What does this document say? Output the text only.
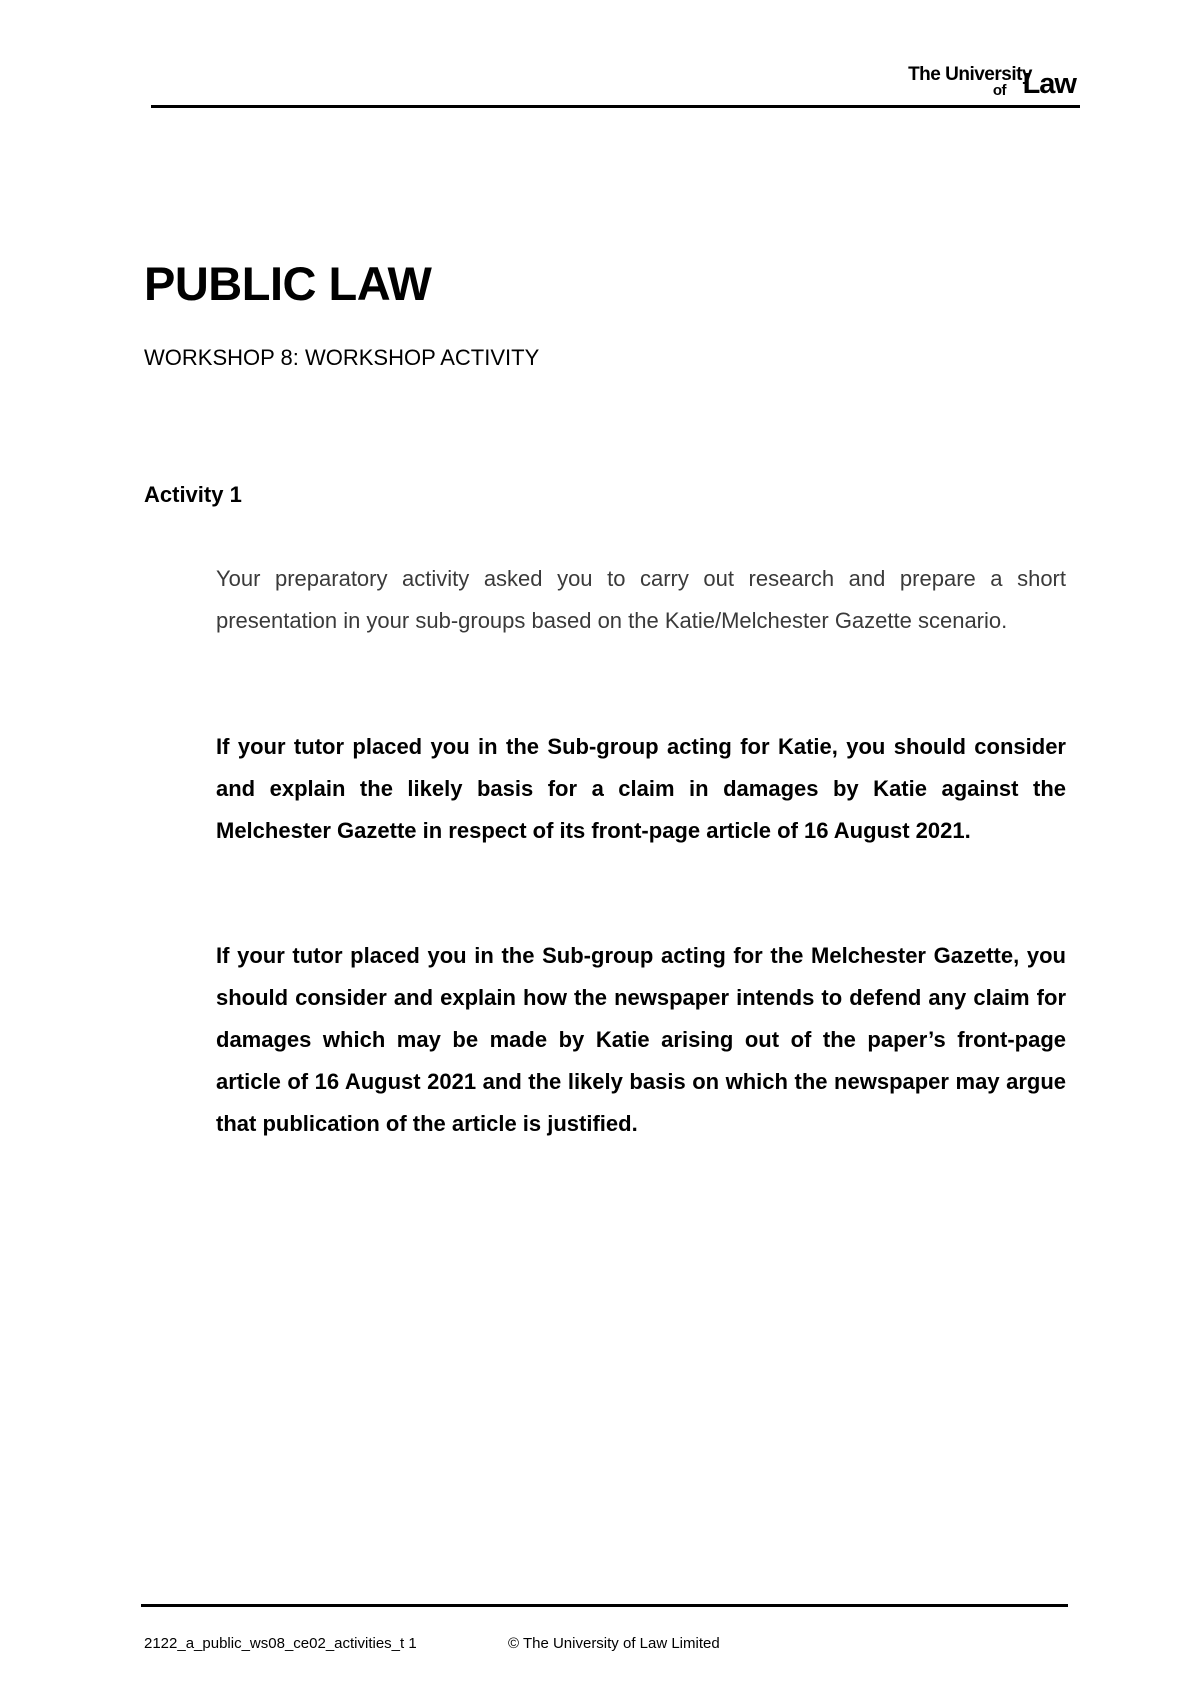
The University
of Law
PUBLIC LAW

WORKSHOP 8: WORKSHOP ACTIVITY

Activity 1

Your preparatory activity asked you to carry out research and prepare a short presentation in your sub-groups based on the Katie/Melchester Gazette scenario.

If your tutor placed you in the Sub-group acting for Katie, you should consider and explain the likely basis for a claim in damages by Katie against the Melchester Gazette in respect of its front-page article of 16 August 2021.

If your tutor placed you in the Sub-group acting for the Melchester Gazette, you should consider and explain how the newspaper intends to defend any claim for damages which may be made by Katie arising out of the paper’s front-page article of 16 August 2021 and the likely basis on which the newspaper may argue that publication of the article is justified.

2122_a_public_ws08_ce02_activities_t 1	© The University of Law Limited
